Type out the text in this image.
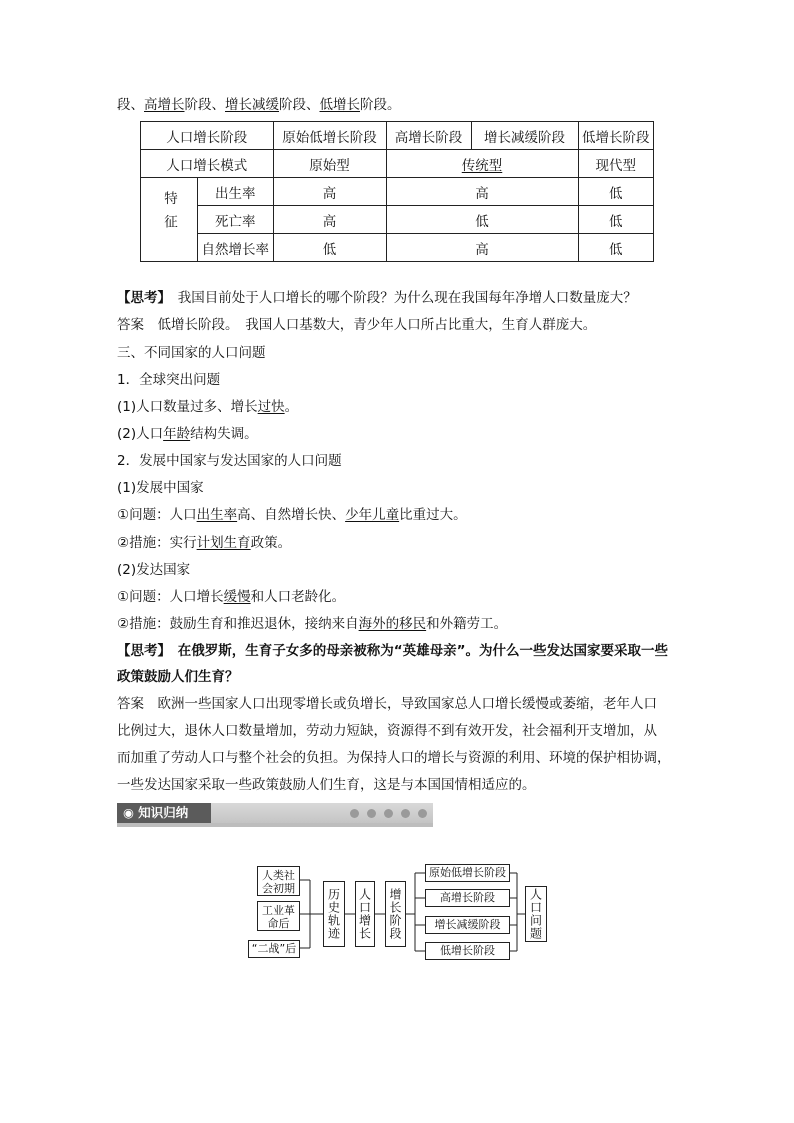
段、高增长阶段、增长减缓阶段、低增长阶段。
人口增长阶段		原始低增长阶段	高增长阶段	增长减缓阶段	低增长阶段
人口增长模式		原始型	传统型		现代型
特征	出生率	高	高		低
	死亡率	高	低		低
	自然增长率	低	高		低
【思考】　 我国目前处于人口增长的哪个阶段？为什么现在我国每年净增人口数量庞大？
答案　 低增长阶段。　我国人口基数大，青少年人口所占比重大，生育人群庞大。
三、不同国家的人口问题
1．全球突出问题
(1)人口数量过多、增长过快。
(2)人口年龄结构失调。
2．发展中国家与发达国家的人口问题
(1)发展中国家
①问题：人口出生率高、自然增长快、少年儿童比重过大。
②措施：实行计划生育政策。
(2)发达国家
①问题：人口增长缓慢和人口老龄化。
②措施：鼓励生育和推迟退休，接纳来自海外的移民和外籍劳工。
【思考】　 在俄罗斯，生育子女多的母亲被称为“英雄母亲”。为什么一些发达国家要采取一些
政策鼓励人们生育？
答案　 欧洲一些国家人口出现零增长或负增长，导致国家总人口增长缓慢或萎缩，老年人口
比例过大，退休人口数量增加，劳动力短缺，资源得不到有效开发，社会福利开支增加，从
而加重了劳动人口与整个社会的负担。为保持人口的增长与资源的利用、环境的保护相协调，
一些发达国家采取一些政策鼓励人们生育，这是与本国国情相适应的。
◉ 知识归纳
人类社会初期
工业革命后
“二战”后
历史轨迹	人口增长 增长阶段
原始低增长阶段
高增长阶段
增长减缓阶段
低增长阶段
人口问题
